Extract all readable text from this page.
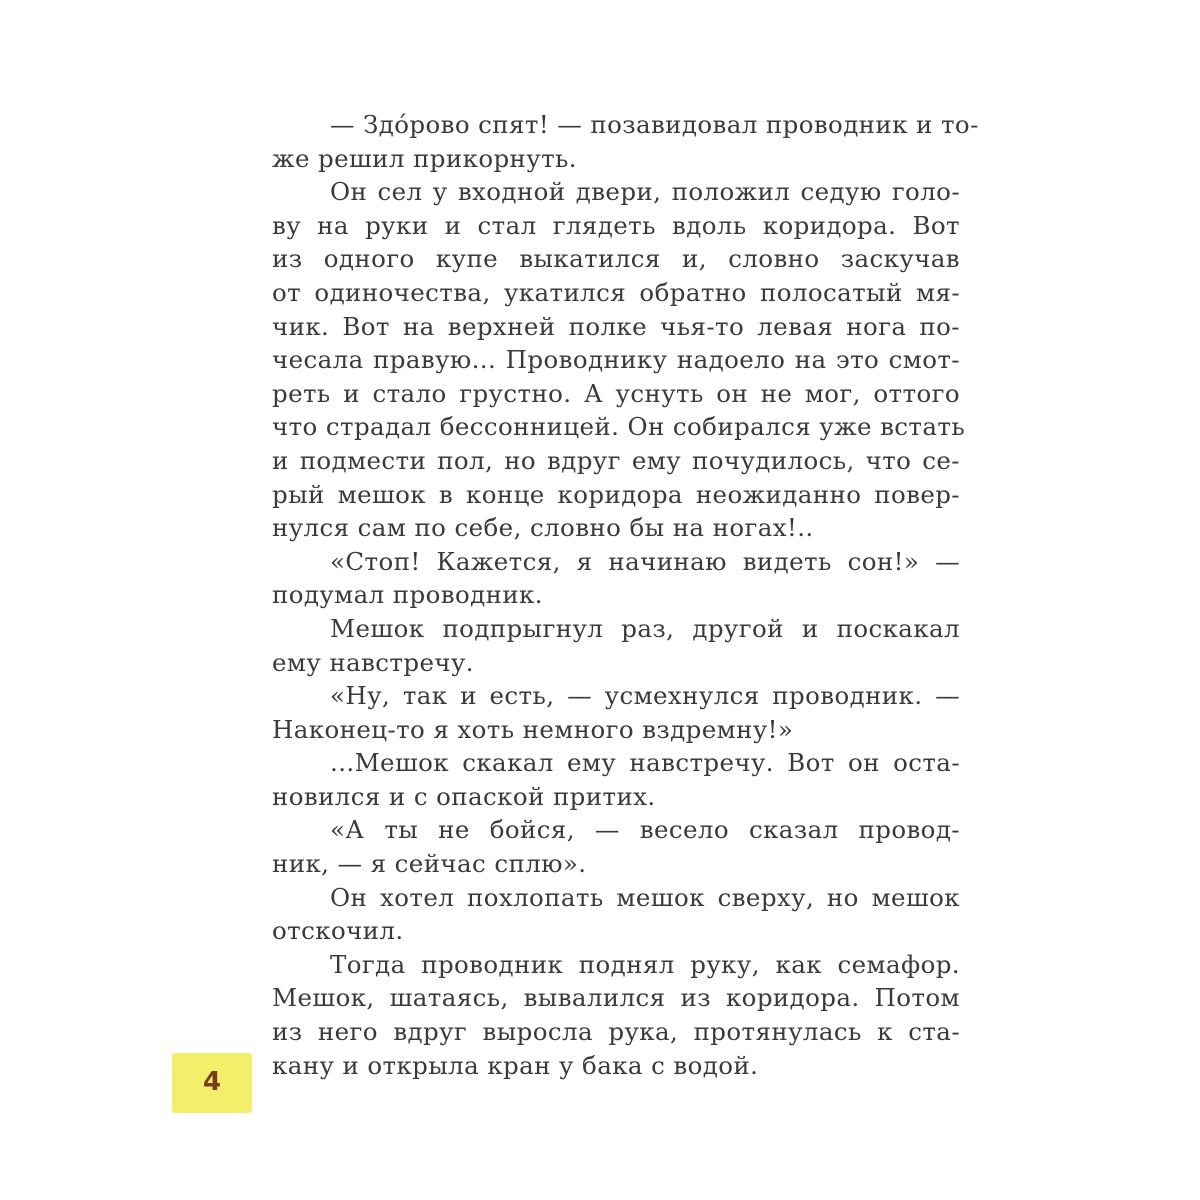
— Здо́рово спят! — позавидовал проводник и то-
же решил прикорнуть.
Он сел у входной двери, положил седую голо-
ву на руки и стал глядеть вдоль коридора. Вот
из одного купе выкатился и, словно заскучав
от одиночества, укатился обратно полосатый мя-
чик. Вот на верхней полке чья-то левая нога по-
чесала правую... Проводнику надоело на это смот-
реть и стало грустно. А уснуть он не мог, оттого
что страдал бессонницей. Он собирался уже встать
и подмести пол, но вдруг ему почудилось, что се-
рый мешок в конце коридора неожиданно повер-
нулся сам по себе, словно бы на ногах!..
«Стоп! Кажется, я начинаю видеть сон!» —
подумал проводник.
Мешок подпрыгнул раз, другой и поскакал
ему навстречу.
«Ну, так и есть, — усмехнулся проводник. —
Наконец-то я хоть немного вздремну!»
...Мешок скакал ему навстречу. Вот он оста-
новился и с опаской притих.
«А ты не бойся, — весело сказал провод-
ник, — я сейчас сплю».
Он хотел похлопать мешок сверху, но мешок
отскочил.
Тогда проводник поднял руку, как семафор.
Мешок, шатаясь, вывалился из коридора. Потом
из него вдруг выросла рука, протянулась к ста-
кану и открыла кран у бака с водой.
4
